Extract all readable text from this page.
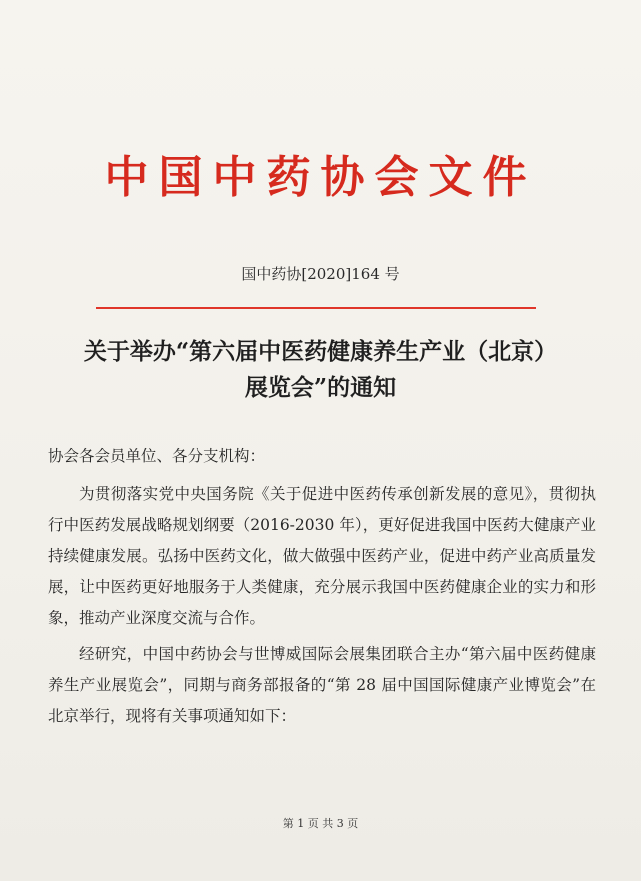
中国中药协会文件
国中药协[2020]164 号
关于举办“第六届中医药健康养生产业（北京）
展览会”的通知

协会各会员单位、各分支机构：

为贯彻落实党中央国务院《关于促进中医药传承创新发展的意见》，贯彻执行中医药发展战略规划纲要（2016-2030 年），更好促进我国中医药大健康产业持续健康发展。弘扬中医药文化，做大做强中医药产业，促进中药产业高质量发展，让中医药更好地服务于人类健康，充分展示我国中医药健康企业的实力和形象，推动产业深度交流与合作。

经研究，中国中药协会与世博威国际会展集团联合主办“第六届中医药健康养生产业展览会”，同期与商务部报备的“第 28 届中国国际健康产业博览会”在北京举行，现将有关事项通知如下：

第 1 页 共 3 页
